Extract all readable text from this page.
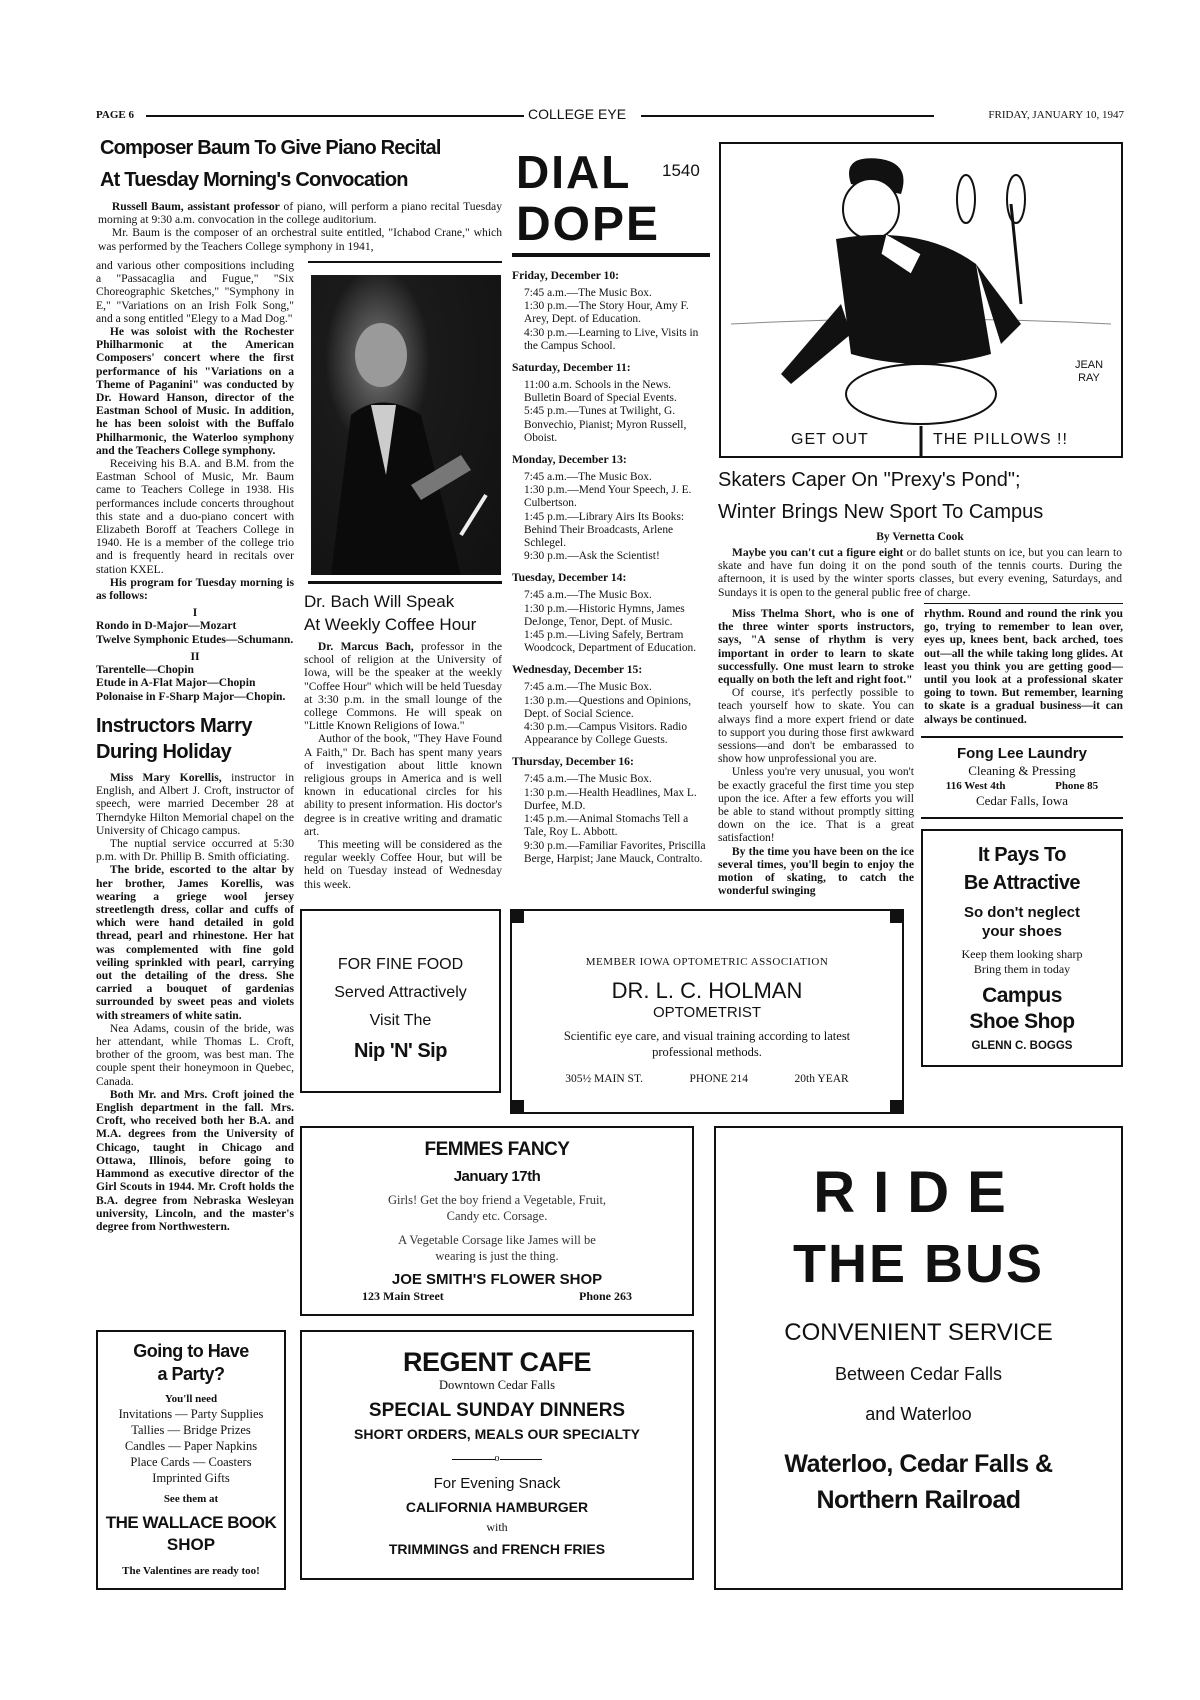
PAGE 6	COLLEGE EYE	FRIDAY, JANUARY 10, 1947
Composer Baum To Give Piano Recital
At Tuesday Morning's Convocation

Russell Baum, assistant professor of piano, will perform a piano recital Tuesday morning at 9:30 a.m. convocation in the college auditorium.

Mr. Baum is the composer of an orchestral suite entitled, "Ichabod Crane," which was performed by the Teachers College symphony in 1941,

and various other compositions including a "Passacaglia and Fugue," "Six Choreographic Sketches," "Symphony in E," "Variations on an Irish Folk Song," and a song entitled "Elegy to a Mad Dog."

He was soloist with the Rochester Philharmonic at the American Composers' concert where the first performance of his "Variations on a Theme of Paganini" was conducted by Dr. Howard Hanson, director of the Eastman School of Music. In addition, he has been soloist with the Buffalo Philharmonic, the Waterloo symphony and the Teachers College symphony.

Receiving his B.A. and B.M. from the Eastman School of Music, Mr. Baum came to Teachers College in 1938. His performances include concerts throughout this state and a duo-piano concert with Elizabeth Boroff at Teachers College in 1940. He is a member of the college trio and is frequently heard in recitals over station KXEL.

His program for Tuesday morning is as follows:

I
Rondo in D-Major—Mozart
Twelve Symphonic Etudes—Schumann.
II
Tarentelle—Chopin
Etude in A-Flat Major—Chopin
Polonaise in F-Sharp Major—Chopin.
Dr. Bach Will Speak
At Weekly Coffee Hour

Dr. Marcus Bach, professor in the school of religion at the University of Iowa, will be the speaker at the weekly "Coffee Hour" which will be held Tuesday at 3:30 p.m. in the small lounge of the college Commons. He will speak on "Little Known Religions of Iowa."

Author of the book, "They Have Found A Faith," Dr. Bach has spent many years of investigation about little known religious groups in America and is well known in educational circles for his ability to present information. His doctor's degree is in creative writing and dramatic art.

This meeting will be considered as the regular weekly Coffee Hour, but will be held on Tuesday instead of Wednesday this week.

Instructors Marry During Holiday

Miss Mary Korellis, instructor in English, and Albert J. Croft, instructor of speech, were married December 28 at Therndyke Hilton Memorial chapel on the University of Chicago campus.

The nuptial service occurred at 5:30 p.m. with Dr. Phillip B. Smith officiating.

The bride, escorted to the altar by her brother, James Korellis, was wearing a griege wool jersey streetlength dress, collar and cuffs of which were hand detailed in gold thread, pearl and rhinestone. Her hat was complemented with fine gold veiling sprinkled with pearl, carrying out the detailing of the dress. She carried a bouquet of gardenias surrounded by sweet peas and violets with streamers of white satin.

Nea Adams, cousin of the bride, was her attendant, while Thomas L. Croft, brother of the groom, was best man. The couple spent their honeymoon in Quebec, Canada.

Both Mr. and Mrs. Croft joined the English department in the fall. Mrs. Croft, who received both her B.A. and M.A. degrees from the University of Chicago, taught in Chicago and Ottawa, Illinois, before going to Hammond as executive director of the Girl Scouts in 1944. Mr. Croft holds the B.A. degree from Nebraska Wesleyan university, Lincoln, and the master's degree from Northwestern.

DIAL 1540
DOPE
Friday, December 10:
7:45 a.m.—The Music Box.
1:30 p.m.—The Story Hour, Amy F. Arey, Dept. of Education.
4:30 p.m.—Learning to Live, Visits in the Campus School.
Saturday, December 11:
11:00 a.m. Schools in the News. Bulletin Board of Special Events.
5:45 p.m.—Tunes at Twilight, G. Bonvechio, Pianist; Myron Russell, Oboist.
Monday, December 13:
7:45 a.m.—The Music Box.
1:30 p.m.—Mend Your Speech, J. E. Culbertson.
1:45 p.m.—Library Airs Its Books: Behind Their Broadcasts, Arlene Schlegel.
9:30 p.m.—Ask the Scientist!
Tuesday, December 14:
7:45 a.m.—The Music Box.
1:30 p.m.—Historic Hymns, James DeJonge, Tenor, Dept. of Music.
1:45 p.m.—Living Safely, Bertram Woodcock, Department of Education.
Wednesday, December 15:
7:45 a.m.—The Music Box.
1:30 p.m.—Questions and Opinions,
Dept. of Social Science.
4:30 p.m.—Campus Visitors. Radio Appearance by College Guests.
Thursday, December 16:
7:45 a.m.—The Music Box.
1:30 p.m.—Health Headlines, Max L. Durfee, M.D.
1:45 p.m.—Animal Stomachs Tell a Tale, Roy L. Abbott.
9:30 p.m.—Familiar Favorites, Priscilla Berge, Harpist; Jane Mauck, Contralto.
JEAN RAY
GET OUT	THE PILLOWS !!
Skaters Caper On "Prexy's Pond";
Winter Brings New Sport To Campus
By Vernetta Cook

Maybe you can't cut a figure eight or do ballet stunts on ice, but you can learn to skate and have fun doing it on the pond south of the tennis courts. During the afternoon, it is used by the winter sports classes, but every evening, Saturdays, and Sundays it is open to the general public free of charge.

Miss Thelma Short, who is one of the three winter sports instructors, says, "A sense of rhythm is very important in order to learn to skate successfully. One must learn to stroke equally on both the left and right foot."

Of course, it's perfectly possible to teach yourself how to skate. You can always find a more expert friend or date to support you during those first awkward sessions—and don't be embarassed to show how unprofessional you are.

Unless you're very unusual, you won't be exactly graceful the first time you step upon the ice. After a few efforts you will be able to stand without promptly sitting down on the ice. That is a great satisfaction!

By the time you have been on the ice several times, you'll begin to enjoy the motion of skating, to catch the wonderful swinging

rhythm. Round and round the rink you go, trying to remember to lean over, eyes up, knees bent, back arched, toes out—all the while taking long glides. At least you think you are getting good—until you look at a professional skater going to town. But remember, learning to skate is a gradual business—it can always be continued.

Fong Lee Laundry
Cleaning & Pressing
116 West 4th	Phone 85
Cedar Falls, Iowa
It Pays To
Be Attractive
So don't neglect
your shoes
Keep them looking sharp
Bring them in today
Campus
Shoe Shop
GLENN C. BOGGS
FOR FINE FOOD
Served Attractively
Visit The
Nip 'N' Sip
MEMBER IOWA OPTOMETRIC ASSOCIATION
DR. L. C. HOLMAN
OPTOMETRIST
Scientific eye care, and visual training according to latest professional methods.
305½ MAIN ST.	PHONE 214	20th YEAR
FEMMES FANCY
January 17th
Girls! Get the boy friend a Vegetable, Fruit, Candy etc. Corsage.
A Vegetable Corsage like James will be wearing is just the thing.
JOE SMITH'S FLOWER SHOP
123 Main Street	Phone 263
RIDE
THE BUS
CONVENIENT SERVICE
Between Cedar Falls
and Waterloo
Waterloo, Cedar Falls &
Northern Railroad
REGENT CAFE
Downtown Cedar Falls
SPECIAL SUNDAY DINNERS
SHORT ORDERS, MEALS OUR SPECIALTY
o
For Evening Snack
CALIFORNIA HAMBURGER
with
TRIMMINGS and FRENCH FRIES
Going to Have
a Party?
You'll need
Invitations — Party Supplies
Tallies — Bridge Prizes
Candles — Paper Napkins
Place Cards — Coasters
Imprinted Gifts
See them at
THE WALLACE BOOK
SHOP
The Valentines are ready too!
